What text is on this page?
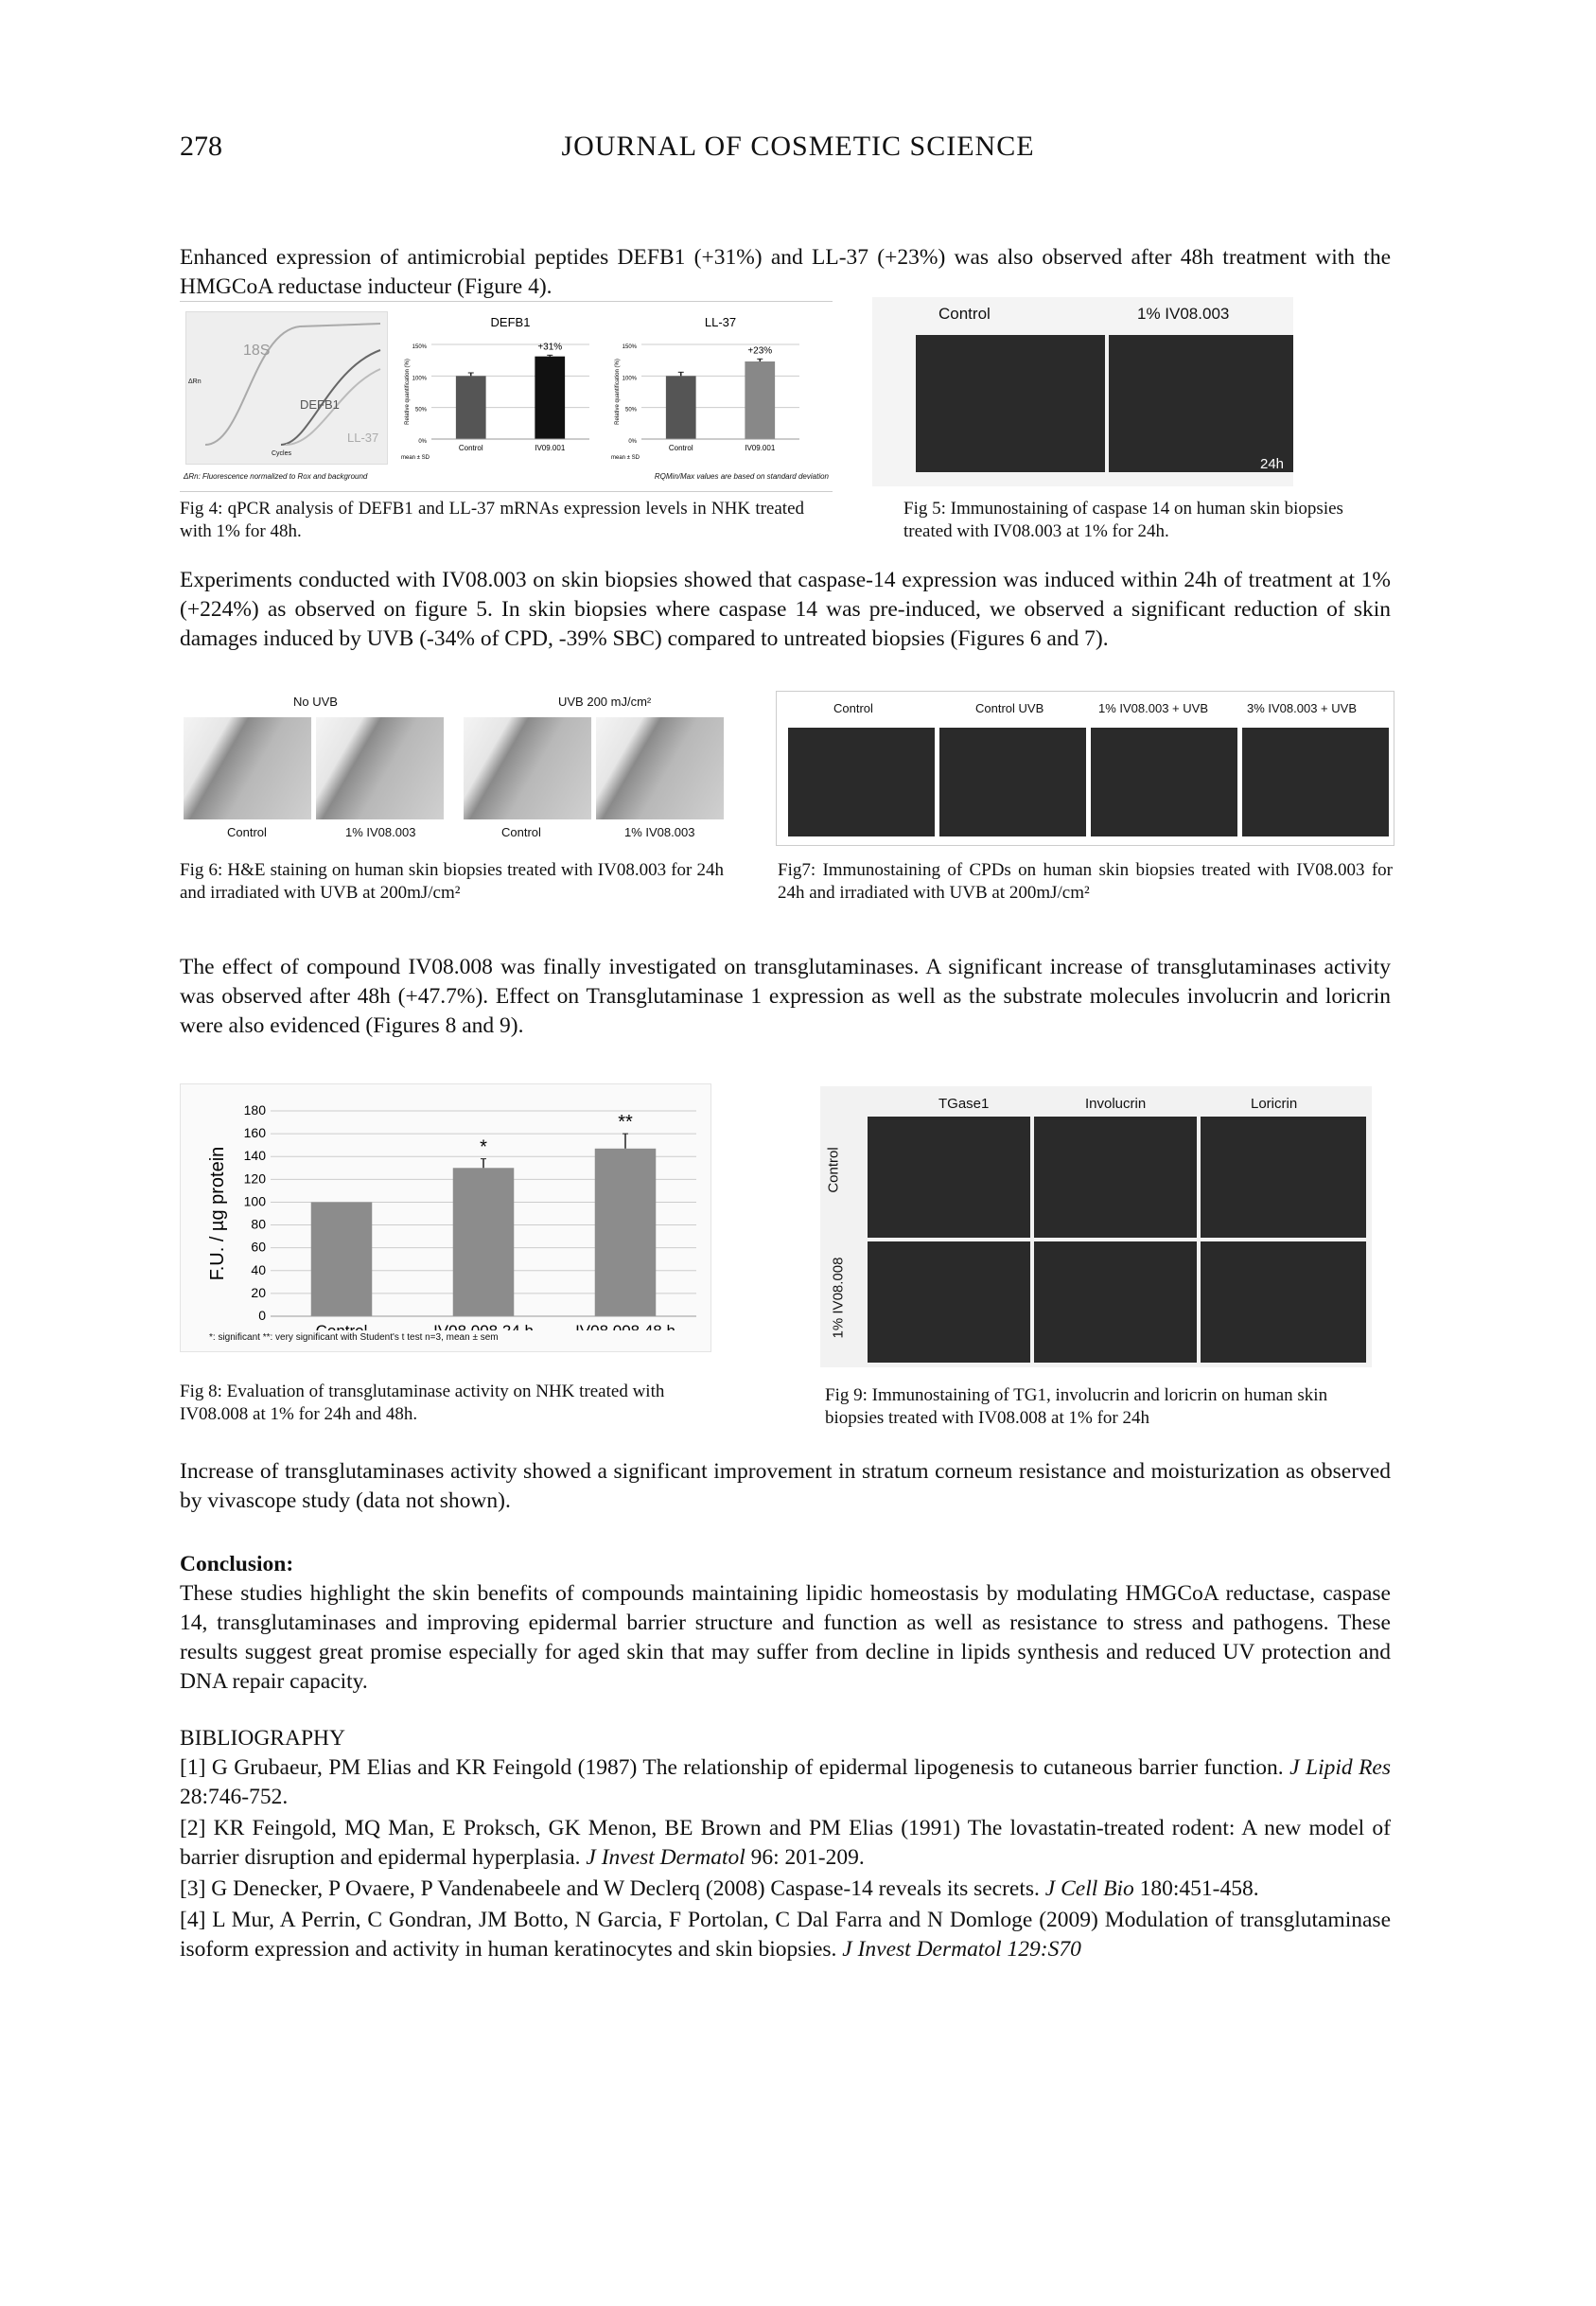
278	JOURNAL OF COSMETIC SCIENCE
Enhanced expression of antimicrobial peptides DEFB1 (+31%) and LL-37 (+23%) was also observed after 48h treatment with the HMGCoA reductase inducteur (Figure 4).
18S
DEFB1
LL-37
Cycles
ΔRn
DEFB1
0%
50%
100%
150%
Relative quantification (%)
Control	IV09.001
+31%
mean ± SD
LL-37
0%
50%
100%
150%
Relative quantification (%)
Control	IV09.001
+23%
mean ± SD
ΔRn: Fluorescence normalized to Rox and background	RQMin/Max values are based on standard deviation
Fig 4: qPCR analysis of DEFB1 and LL-37 mRNAs expression levels in NHK treated with 1% for 48h.
Control	1% IV08.003
24h
Fig 5: Immunostaining of caspase 14 on human skin biopsies treated with IV08.003 at 1% for 24h.
Experiments conducted with IV08.003 on skin biopsies showed that caspase-14 expression was induced within 24h of treatment at 1% (+224%) as observed on figure 5. In skin biopsies where caspase 14 was pre-induced, we observed a significant reduction of skin damages induced by UVB (-34% of CPD, -39% SBC) compared to untreated biopsies (Figures 6 and 7).
No UVB	UVB 200 mJ/cm²
Control	1% IV08.003	Control	1% IV08.003
Fig 6: H&E staining on human skin biopsies treated with IV08.003 for 24h and irradiated with UVB at 200mJ/cm²
Control	Control UVB	1% IV08.003 + UVB	3% IV08.003 + UVB
Fig7: Immunostaining of CPDs on human skin biopsies treated with IV08.003 for 24h and irradiated with UVB at 200mJ/cm²
The effect of compound IV08.008 was finally investigated on transglutaminases. A significant increase of transglutaminases activity was observed after 48h (+47.7%). Effect on Transglutaminase 1 expression as well as the substrate molecules involucrin and loricrin were also evidenced (Figures 8 and 9).
0
20
40
60
80
100
120
140
160
180
F.U. / µg protein	*
**
*: significant **: very significant with Student's t test n=3, mean ± sem
Fig 8: Evaluation of transglutaminase activity on NHK treated with IV08.008 at 1% for 24h and 48h.
TGase1	Involucrin	Loricrin
Control
1% IV08.008
Fig 9: Immunostaining of TG1, involucrin and loricrin on human skin biopsies treated with IV08.008 at 1% for 24h
Increase of transglutaminases activity showed a significant improvement in stratum corneum resistance and moisturization as observed by vivascope study (data not shown).
Conclusion:
These studies highlight the skin benefits of compounds maintaining lipidic homeostasis by modulating HMGCoA reductase, caspase 14, transglutaminases and improving epidermal barrier structure and function as well as resistance to stress and pathogens. These results suggest great promise especially for aged skin that may suffer from decline in lipids synthesis and reduced UV protection and DNA repair capacity.
BIBLIOGRAPHY
[1] G Grubaeur, PM Elias and KR Feingold (1987) The relationship of epidermal lipogenesis to cutaneous barrier function. J Lipid Res 28:746-752.
[2] KR Feingold, MQ Man, E Proksch, GK Menon, BE Brown and PM Elias (1991) The lovastatin-treated rodent: A new model of barrier disruption and epidermal hyperplasia. J Invest Dermatol 96: 201-209.
[3] G Denecker, P Ovaere, P Vandenabeele and W Declerq (2008) Caspase-14 reveals its secrets. J Cell Bio 180:451-458.
[4] L Mur, A Perrin, C Gondran, JM Botto, N Garcia, F Portolan, C Dal Farra and N Domloge (2009) Modulation of transglutaminase isoform expression and activity in human keratinocytes and skin biopsies. J Invest Dermatol 129:S70
